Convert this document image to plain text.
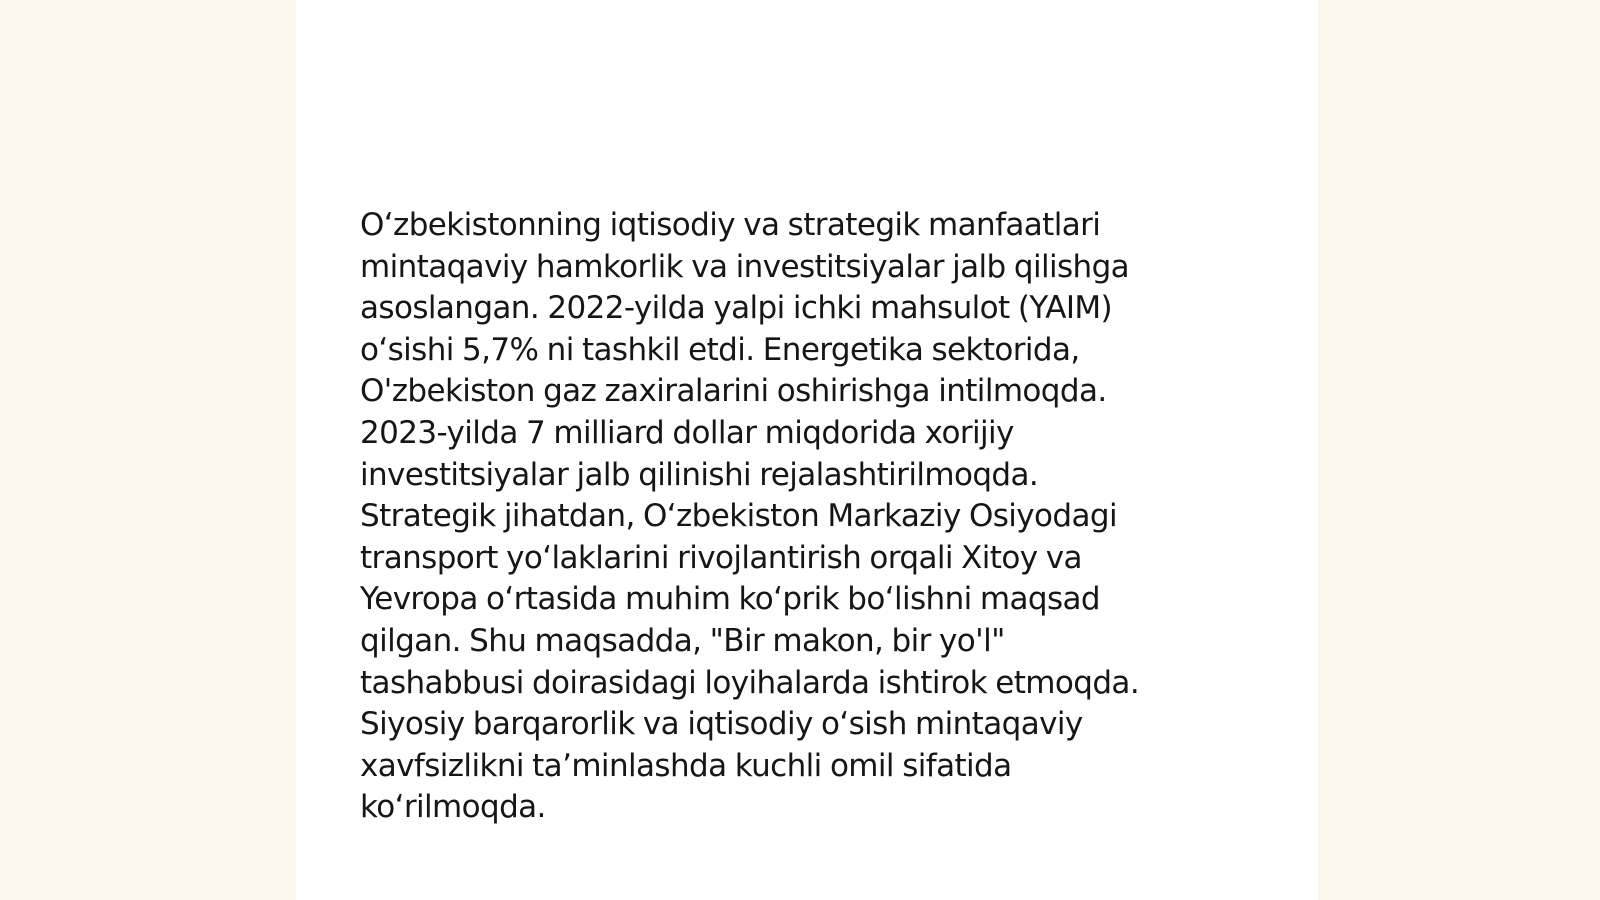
Oʻzbekistonning iqtisodiy va strategik manfaatlari
mintaqaviy hamkorlik va investitsiyalar jalb qilishga
asoslangan. 2022-yilda yalpi ichki mahsulot (YAIM)
oʻsishi 5,7% ni tashkil etdi. Energetika sektorida,
O'zbekiston gaz zaxiralarini oshirishga intilmoqda.
2023-yilda 7 milliard dollar miqdorida xorijiy
investitsiyalar jalb qilinishi rejalashtirilmoqda.
Strategik jihatdan, Oʻzbekiston Markaziy Osiyodagi
transport yoʻlaklarini rivojlantirish orqali Xitoy va
Yevropa oʻrtasida muhim koʻprik boʻlishni maqsad
qilgan. Shu maqsadda, "Bir makon, bir yo'l"
tashabbusi doirasidagi loyihalarda ishtirok etmoqda.
Siyosiy barqarorlik va iqtisodiy oʻsish mintaqaviy
xavfsizlikni taʼminlashda kuchli omil sifatida
koʻrilmoqda.
